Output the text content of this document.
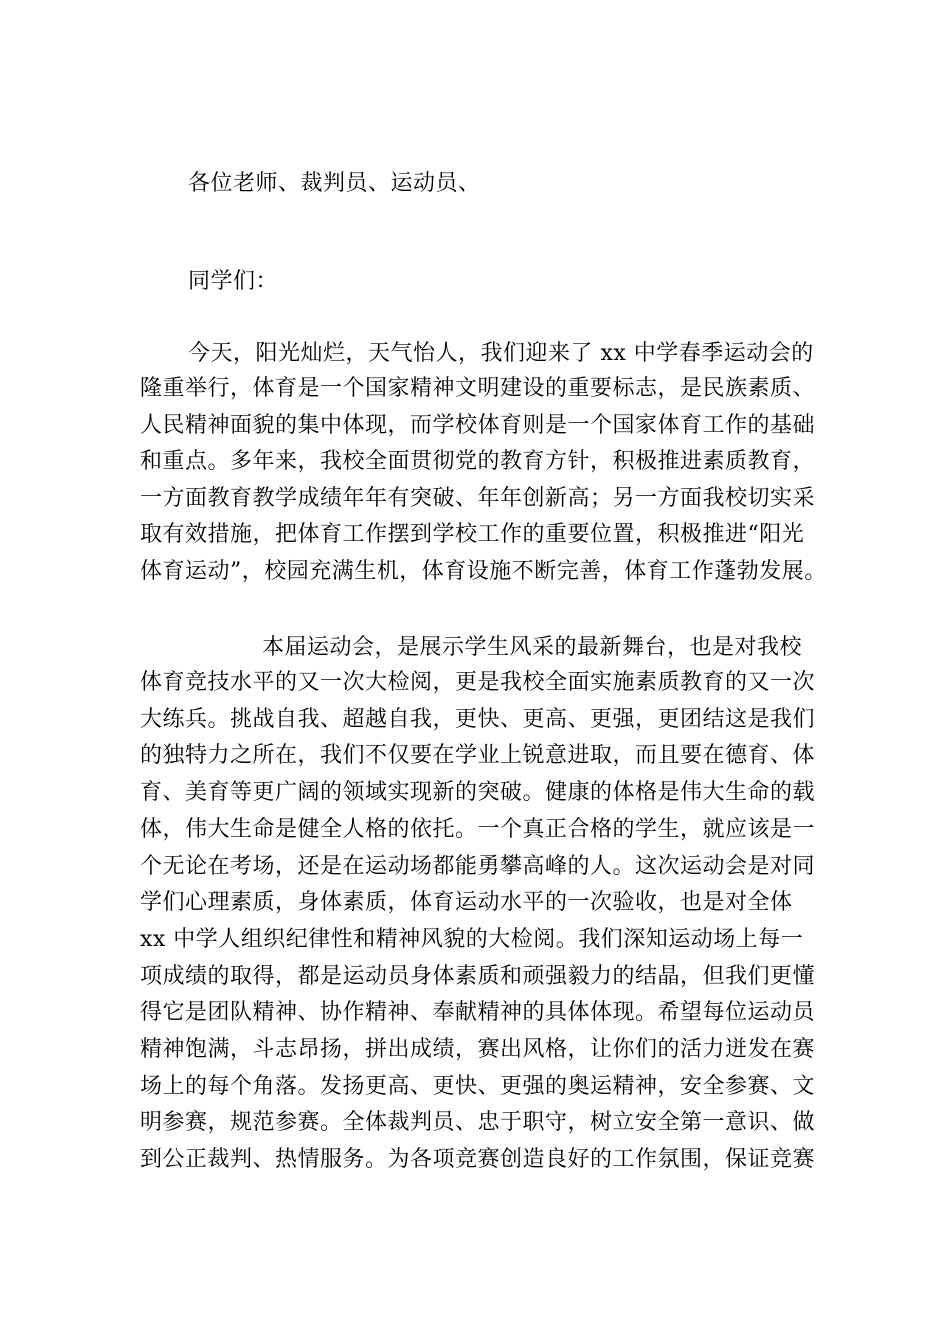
各位老师、裁判员、运动员、
同学们：
今天，阳光灿烂，天气怡人，我们迎来了 xx 中学春季运动会的
隆重举行，体育是一个国家精神文明建设的重要标志，是民族素质、
人民精神面貌的集中体现，而学校体育则是一个国家体育工作的基础
和重点。多年来，我校全面贯彻党的教育方针，积极推进素质教育，
一方面教育教学成绩年年有突破、年年创新高；另一方面我校切实采
取有效措施，把体育工作摆到学校工作的重要位置，积极推进“阳光
体育运动”，校园充满生机，体育设施不断完善，体育工作蓬勃发展。
本届运动会，是展示学生风采的最新舞台，也是对我校
体育竞技水平的又一次大检阅，更是我校全面实施素质教育的又一次
大练兵。挑战自我、超越自我，更快、更高、更强，更团结这是我们
的独特力之所在，我们不仅要在学业上锐意进取，而且要在德育、体
育、美育等更广阔的领域实现新的突破。健康的体格是伟大生命的载
体，伟大生命是健全人格的依托。一个真正合格的学生，就应该是一
个无论在考场，还是在运动场都能勇攀高峰的人。这次运动会是对同
学们心理素质，身体素质，体育运动水平的一次验收，也是对全体
xx 中学人组织纪律性和精神风貌的大检阅。我们深知运动场上每一
项成绩的取得，都是运动员身体素质和顽强毅力的结晶，但我们更懂
得它是团队精神、协作精神、奉献精神的具体体现。希望每位运动员
精神饱满，斗志昂扬，拼出成绩，赛出风格，让你们的活力迸发在赛
场上的每个角落。发扬更高、更快、更强的奥运精神，安全参赛、文
明参赛，规范参赛。全体裁判员、忠于职守，树立安全第一意识、做
到公正裁判、热情服务。为各项竞赛创造良好的工作氛围，保证竞赛
